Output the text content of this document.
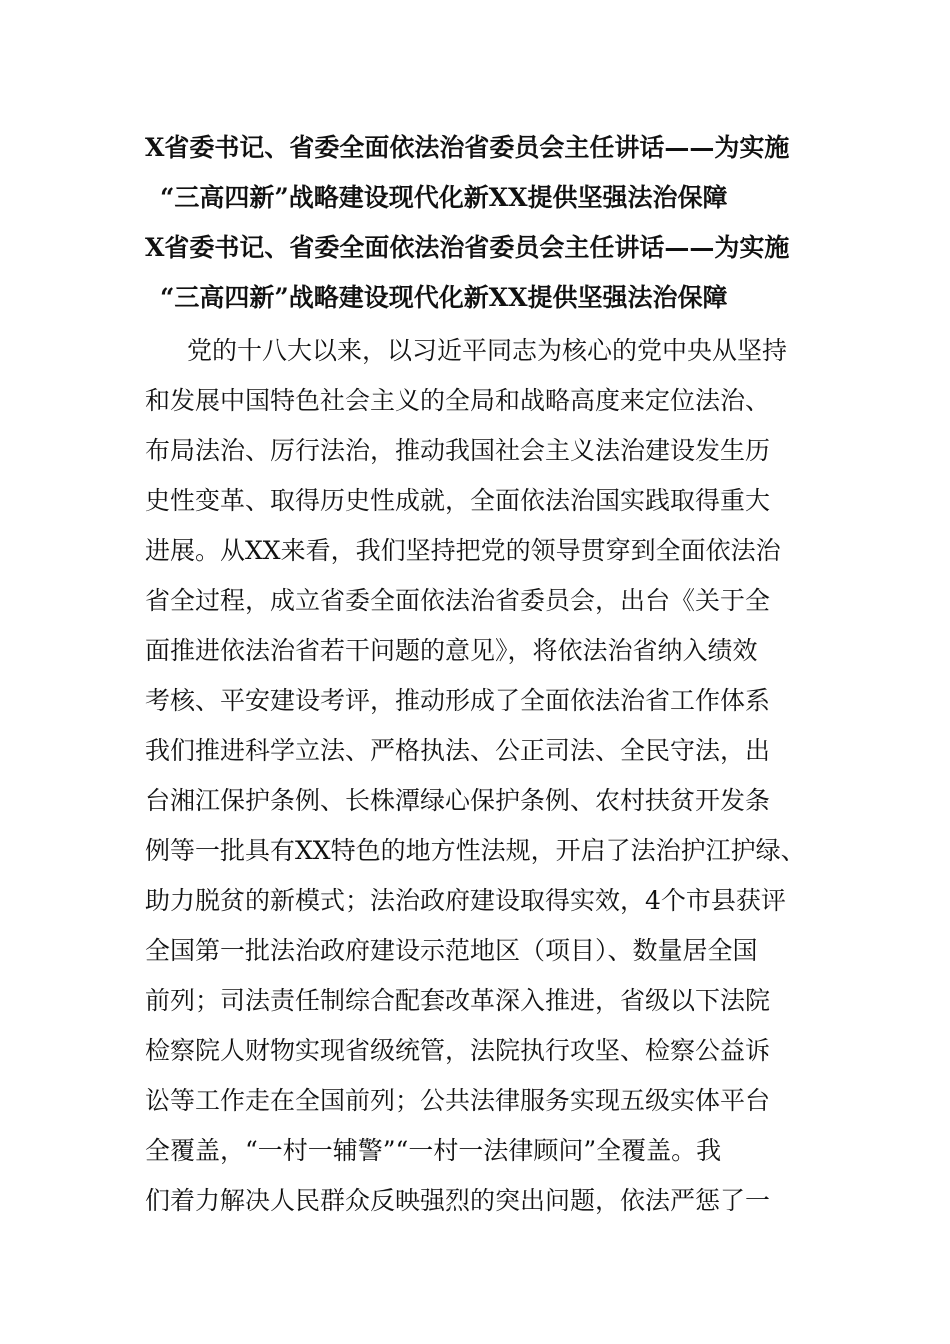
X省委书记、省委全面依法治省委员会主任讲话——为实施
“三高四新”战略建设现代化新XX提供坚强法治保障
X省委书记、省委全面依法治省委员会主任讲话——为实施
“三高四新”战略建设现代化新XX提供坚强法治保障
党的十八大以来，以习近平同志为核心的党中央从坚持
和发展中国特色社会主义的全局和战略高度来定位法治、
布局法治、厉行法治，推动我国社会主义法治建设发生历
史性变革、取得历史性成就，全面依法治国实践取得重大
进展。从XX来看，我们坚持把党的领导贯穿到全面依法治
省全过程，成立省委全面依法治省委员会，出台《关于全
面推进依法治省若干问题的意见》，将依法治省纳入绩效
考核、平安建设考评，推动形成了全面依法治省工作体系
我们推进科学立法、严格执法、公正司法、全民守法，出
台湘江保护条例、长株潭绿心保护条例、农村扶贫开发条
例等一批具有XX特色的地方性法规，开启了法治护江护绿、
助力脱贫的新模式；法治政府建设取得实效，4个市县获评
全国第一批法治政府建设示范地区（项目）、数量居全国
前列；司法责任制综合配套改革深入推进，省级以下法院
检察院人财物实现省级统管，法院执行攻坚、检察公益诉
讼等工作走在全国前列；公共法律服务实现五级实体平台
全覆盖，“一村一辅警”“一村一法律顾问”全覆盖。我
们着力解决人民群众反映强烈的突出问题，依法严惩了一
